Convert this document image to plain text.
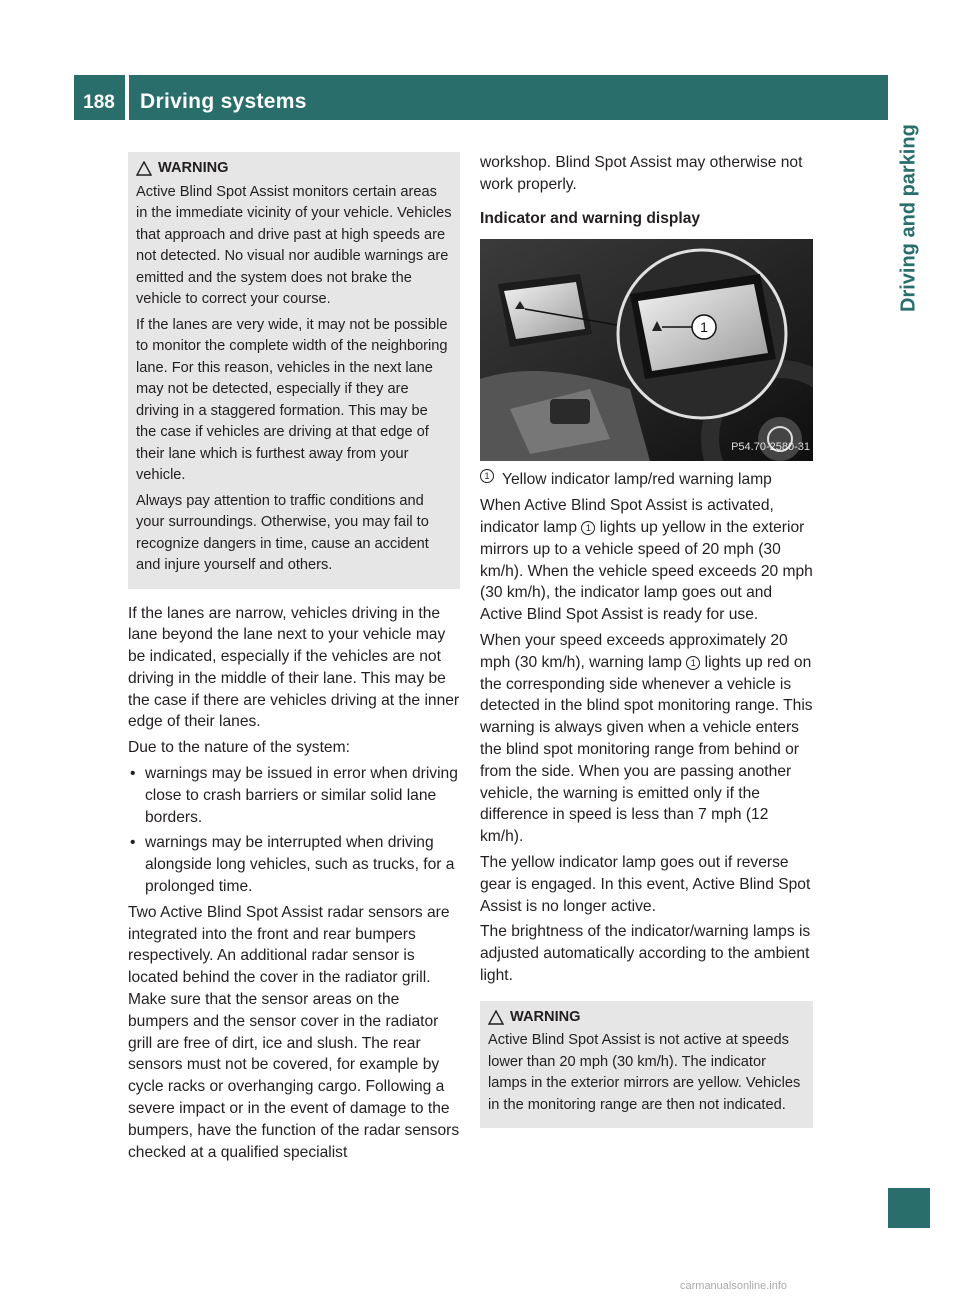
188	Driving systems
Driving and parking
WARNING

Active Blind Spot Assist monitors certain areas in the immediate vicinity of your vehicle. Vehicles that approach and drive past at high speeds are not detected. No visual nor audible warnings are emitted and the system does not brake the vehicle to correct your course.

If the lanes are very wide, it may not be possible to monitor the complete width of the neighboring lane. For this reason, vehicles in the next lane may not be detected, especially if they are driving in a staggered formation. This may be the case if vehicles are driving at that edge of their lane which is furthest away from your vehicle.

Always pay attention to traffic conditions and your surroundings. Otherwise, you may fail to recognize dangers in time, cause an accident and injure yourself and others.

If the lanes are narrow, vehicles driving in the lane beyond the lane next to your vehicle may be indicated, especially if the vehicles are not driving in the middle of their lane. This may be the case if there are vehicles driving at the inner edge of their lanes.

Due to the nature of the system:

• warnings may be issued in error when driving close to crash barriers or similar solid lane borders.
• warnings may be interrupted when driving alongside long vehicles, such as trucks, for a prolonged time.

Two Active Blind Spot Assist radar sensors are integrated into the front and rear bumpers respectively. An additional radar sensor is located behind the cover in the radiator grill. Make sure that the sensor areas on the bumpers and the sensor cover in the radiator grill are free of dirt, ice and slush. The rear sensors must not be covered, for example by cycle racks or overhanging cargo. Following a severe impact or in the event of damage to the bumpers, have the function of the radar sensors checked at a qualified specialist

workshop. Blind Spot Assist may otherwise not work properly.

Indicator and warning display
1
P54.70-2580-31
1 Yellow indicator lamp/red warning lamp

When Active Blind Spot Assist is activated, indicator lamp 1 lights up yellow in the exterior mirrors up to a vehicle speed of 20 mph (30 km/h). When the vehicle speed exceeds 20 mph (30 km/h), the indicator lamp goes out and Active Blind Spot Assist is ready for use.

When your speed exceeds approximately 20 mph (30 km/h), warning lamp 1 lights up red on the corresponding side whenever a vehicle is detected in the blind spot monitoring range. This warning is always given when a vehicle enters the blind spot monitoring range from behind or from the side. When you are passing another vehicle, the warning is emitted only if the difference in speed is less than 7 mph (12 km/h).

The yellow indicator lamp goes out if reverse gear is engaged. In this event, Active Blind Spot Assist is no longer active.

The brightness of the indicator/warning lamps is adjusted automatically according to the ambient light.

WARNING

Active Blind Spot Assist is not active at speeds lower than 20 mph (30 km/h). The indicator lamps in the exterior mirrors are yellow. Vehicles in the monitoring range are then not indicated.

carmanualsonline.info
